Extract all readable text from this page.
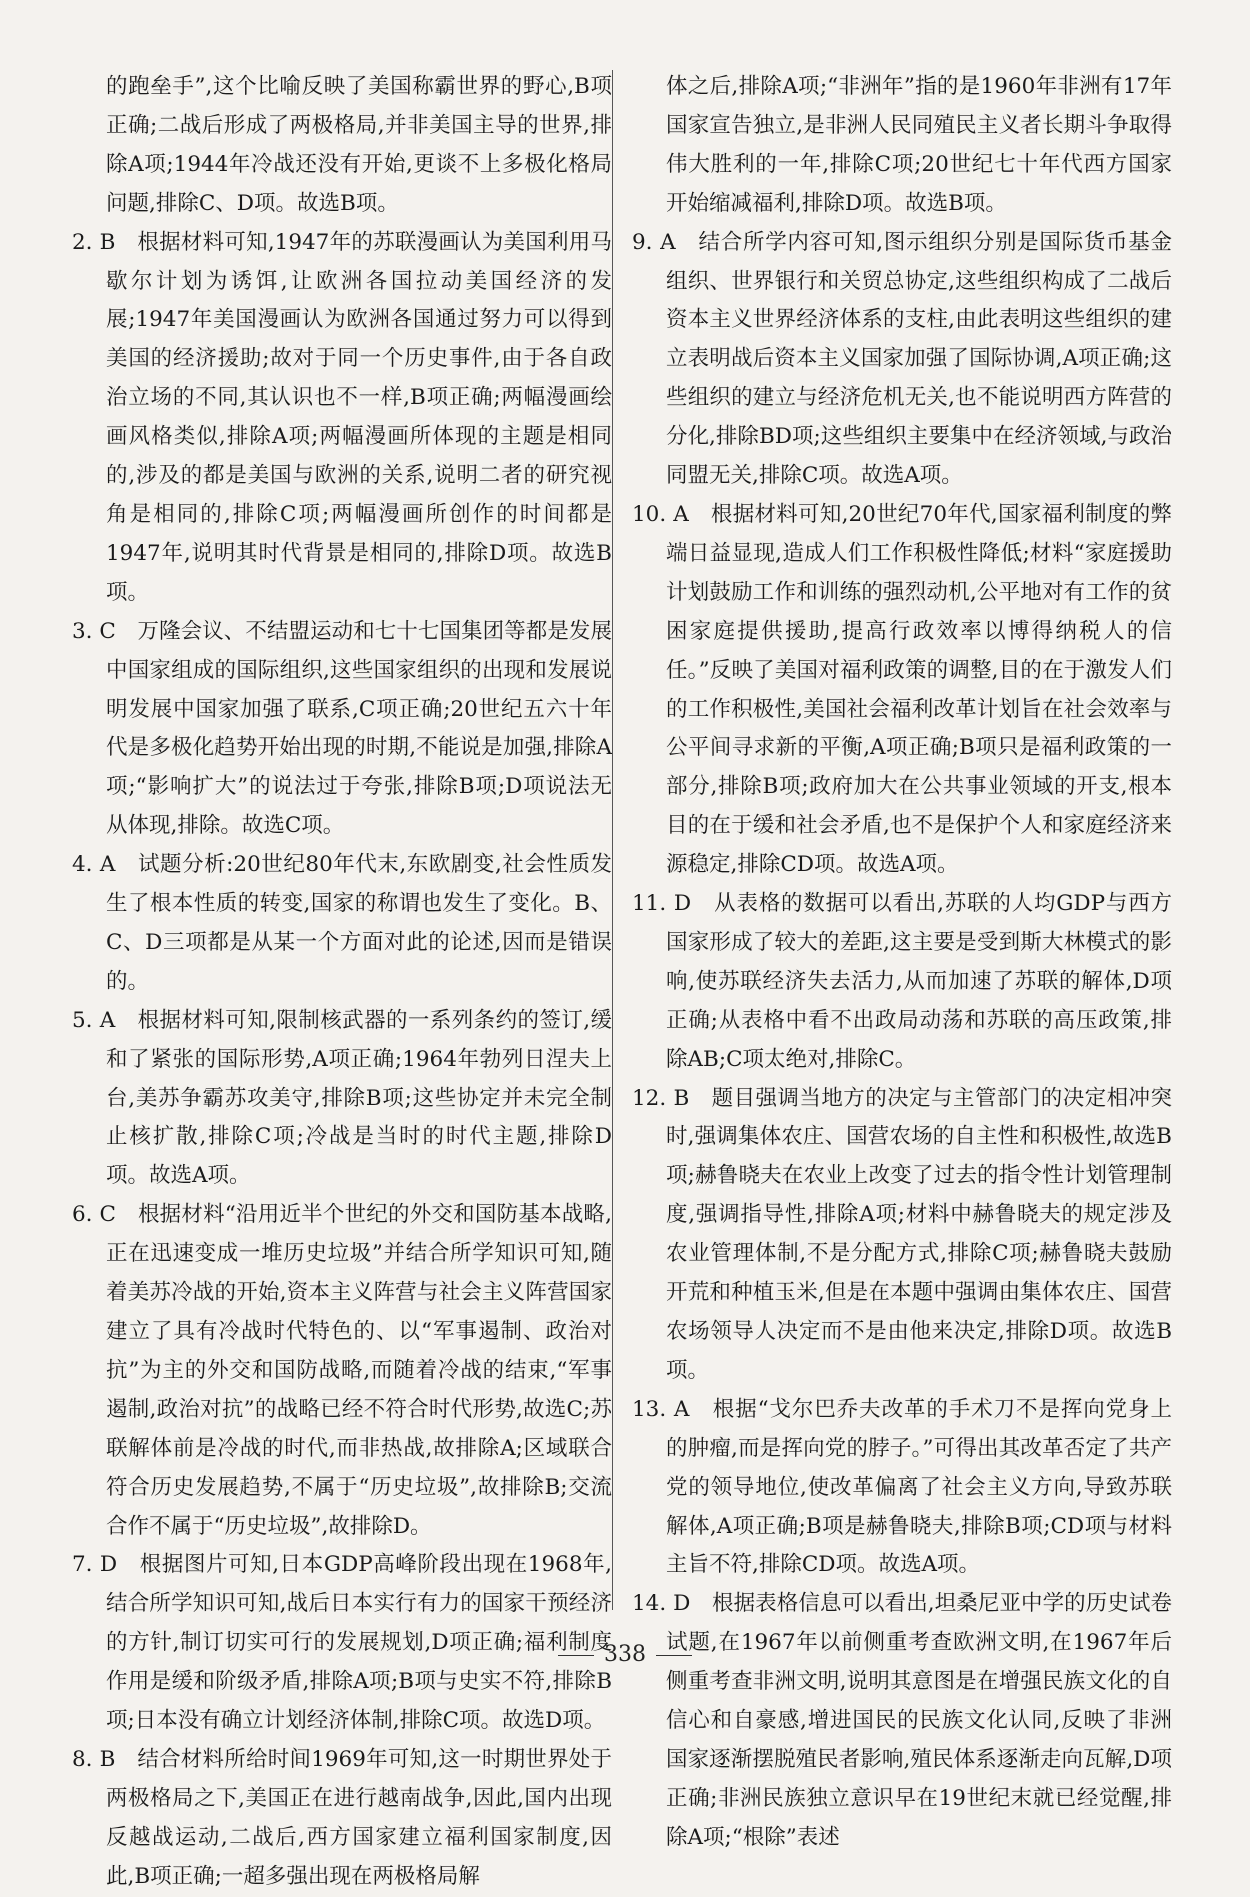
的跑垒手”,这个比喻反映了美国称霸世界的野心,B项正确;二战后形成了两极格局,并非美国主导的世界,排除A项;1944年冷战还没有开始,更谈不上多极化格局问题,排除C、D项。故选B项。

2. B　根据材料可知,1947年的苏联漫画认为美国利用马歇尔计划为诱饵,让欧洲各国拉动美国经济的发展;1947年美国漫画认为欧洲各国通过努力可以得到美国的经济援助;故对于同一个历史事件,由于各自政治立场的不同,其认识也不一样,B项正确;两幅漫画绘画风格类似,排除A项;两幅漫画所体现的主题是相同的,涉及的都是美国与欧洲的关系,说明二者的研究视角是相同的,排除C项;两幅漫画所创作的时间都是1947年,说明其时代背景是相同的,排除D项。故选B项。

3. C　万隆会议、不结盟运动和七十七国集团等都是发展中国家组成的国际组织,这些国家组织的出现和发展说明发展中国家加强了联系,C项正确;20世纪五六十年代是多极化趋势开始出现的时期,不能说是加强,排除A项;“影响扩大”的说法过于夸张,排除B项;D项说法无从体现,排除。故选C项。

4. A　试题分析:20世纪80年代末,东欧剧变,社会性质发生了根本性质的转变,国家的称谓也发生了变化。B、C、D三项都是从某一个方面对此的论述,因而是错误的。

5. A　根据材料可知,限制核武器的一系列条约的签订,缓和了紧张的国际形势,A项正确;1964年勃列日涅夫上台,美苏争霸苏攻美守,排除B项;这些协定并未完全制止核扩散,排除C项;冷战是当时的时代主题,排除D项。故选A项。

6. C　根据材料“沿用近半个世纪的外交和国防基本战略,正在迅速变成一堆历史垃圾”并结合所学知识可知,随着美苏冷战的开始,资本主义阵营与社会主义阵营国家建立了具有冷战时代特色的、以“军事遏制、政治对抗”为主的外交和国防战略,而随着冷战的结束,“军事遏制,政治对抗”的战略已经不符合时代形势,故选C;苏联解体前是冷战的时代,而非热战,故排除A;区域联合符合历史发展趋势,不属于“历史垃圾”,故排除B;交流合作不属于“历史垃圾”,故排除D。

7. D　根据图片可知,日本GDP高峰阶段出现在1968年,结合所学知识可知,战后日本实行有力的国家干预经济的方针,制订切实可行的发展规划,D项正确;福利制度作用是缓和阶级矛盾,排除A项;B项与史实不符,排除B项;日本没有确立计划经济体制,排除C项。故选D项。

8. B　结合材料所给时间1969年可知,这一时期世界处于两极格局之下,美国正在进行越南战争,因此,国内出现反越战运动,二战后,西方国家建立福利国家制度,因此,B项正确;一超多强出现在两极格局解

体之后,排除A项;“非洲年”指的是1960年非洲有17年国家宣告独立,是非洲人民同殖民主义者长期斗争取得伟大胜利的一年,排除C项;20世纪七十年代西方国家开始缩减福利,排除D项。故选B项。

9. A　结合所学内容可知,图示组织分别是国际货币基金组织、世界银行和关贸总协定,这些组织构成了二战后资本主义世界经济体系的支柱,由此表明这些组织的建立表明战后资本主义国家加强了国际协调,A项正确;这些组织的建立与经济危机无关,也不能说明西方阵营的分化,排除BD项;这些组织主要集中在经济领域,与政治同盟无关,排除C项。故选A项。

10. A　根据材料可知,20世纪70年代,国家福利制度的弊端日益显现,造成人们工作积极性降低;材料“家庭援助计划鼓励工作和训练的强烈动机,公平地对有工作的贫困家庭提供援助,提高行政效率以博得纳税人的信任。”反映了美国对福利政策的调整,目的在于激发人们的工作积极性,美国社会福利改革计划旨在社会效率与公平间寻求新的平衡,A项正确;B项只是福利政策的一部分,排除B项;政府加大在公共事业领域的开支,根本目的在于缓和社会矛盾,也不是保护个人和家庭经济来源稳定,排除CD项。故选A项。

11. D　从表格的数据可以看出,苏联的人均GDP与西方国家形成了较大的差距,这主要是受到斯大林模式的影响,使苏联经济失去活力,从而加速了苏联的解体,D项正确;从表格中看不出政局动荡和苏联的高压政策,排除AB;C项太绝对,排除C。

12. B　题目强调当地方的决定与主管部门的决定相冲突时,强调集体农庄、国营农场的自主性和积极性,故选B项;赫鲁晓夫在农业上改变了过去的指令性计划管理制度,强调指导性,排除A项;材料中赫鲁晓夫的规定涉及农业管理体制,不是分配方式,排除C项;赫鲁晓夫鼓励开荒和种植玉米,但是在本题中强调由集体农庄、国营农场领导人决定而不是由他来决定,排除D项。故选B项。

13. A　根据“戈尔巴乔夫改革的手术刀不是挥向党身上的肿瘤,而是挥向党的脖子。”可得出其改革否定了共产党的领导地位,使改革偏离了社会主义方向,导致苏联解体,A项正确;B项是赫鲁晓夫,排除B项;CD项与材料主旨不符,排除CD项。故选A项。

14. D　根据表格信息可以看出,坦桑尼亚中学的历史试卷试题,在1967年以前侧重考查欧洲文明,在1967年后侧重考查非洲文明,说明其意图是在增强民族文化的自信心和自豪感,增进国民的民族文化认同,反映了非洲国家逐渐摆脱殖民者影响,殖民体系逐渐走向瓦解,D项正确;非洲民族独立意识早在19世纪末就已经觉醒,排除A项;“根除”表述

338
